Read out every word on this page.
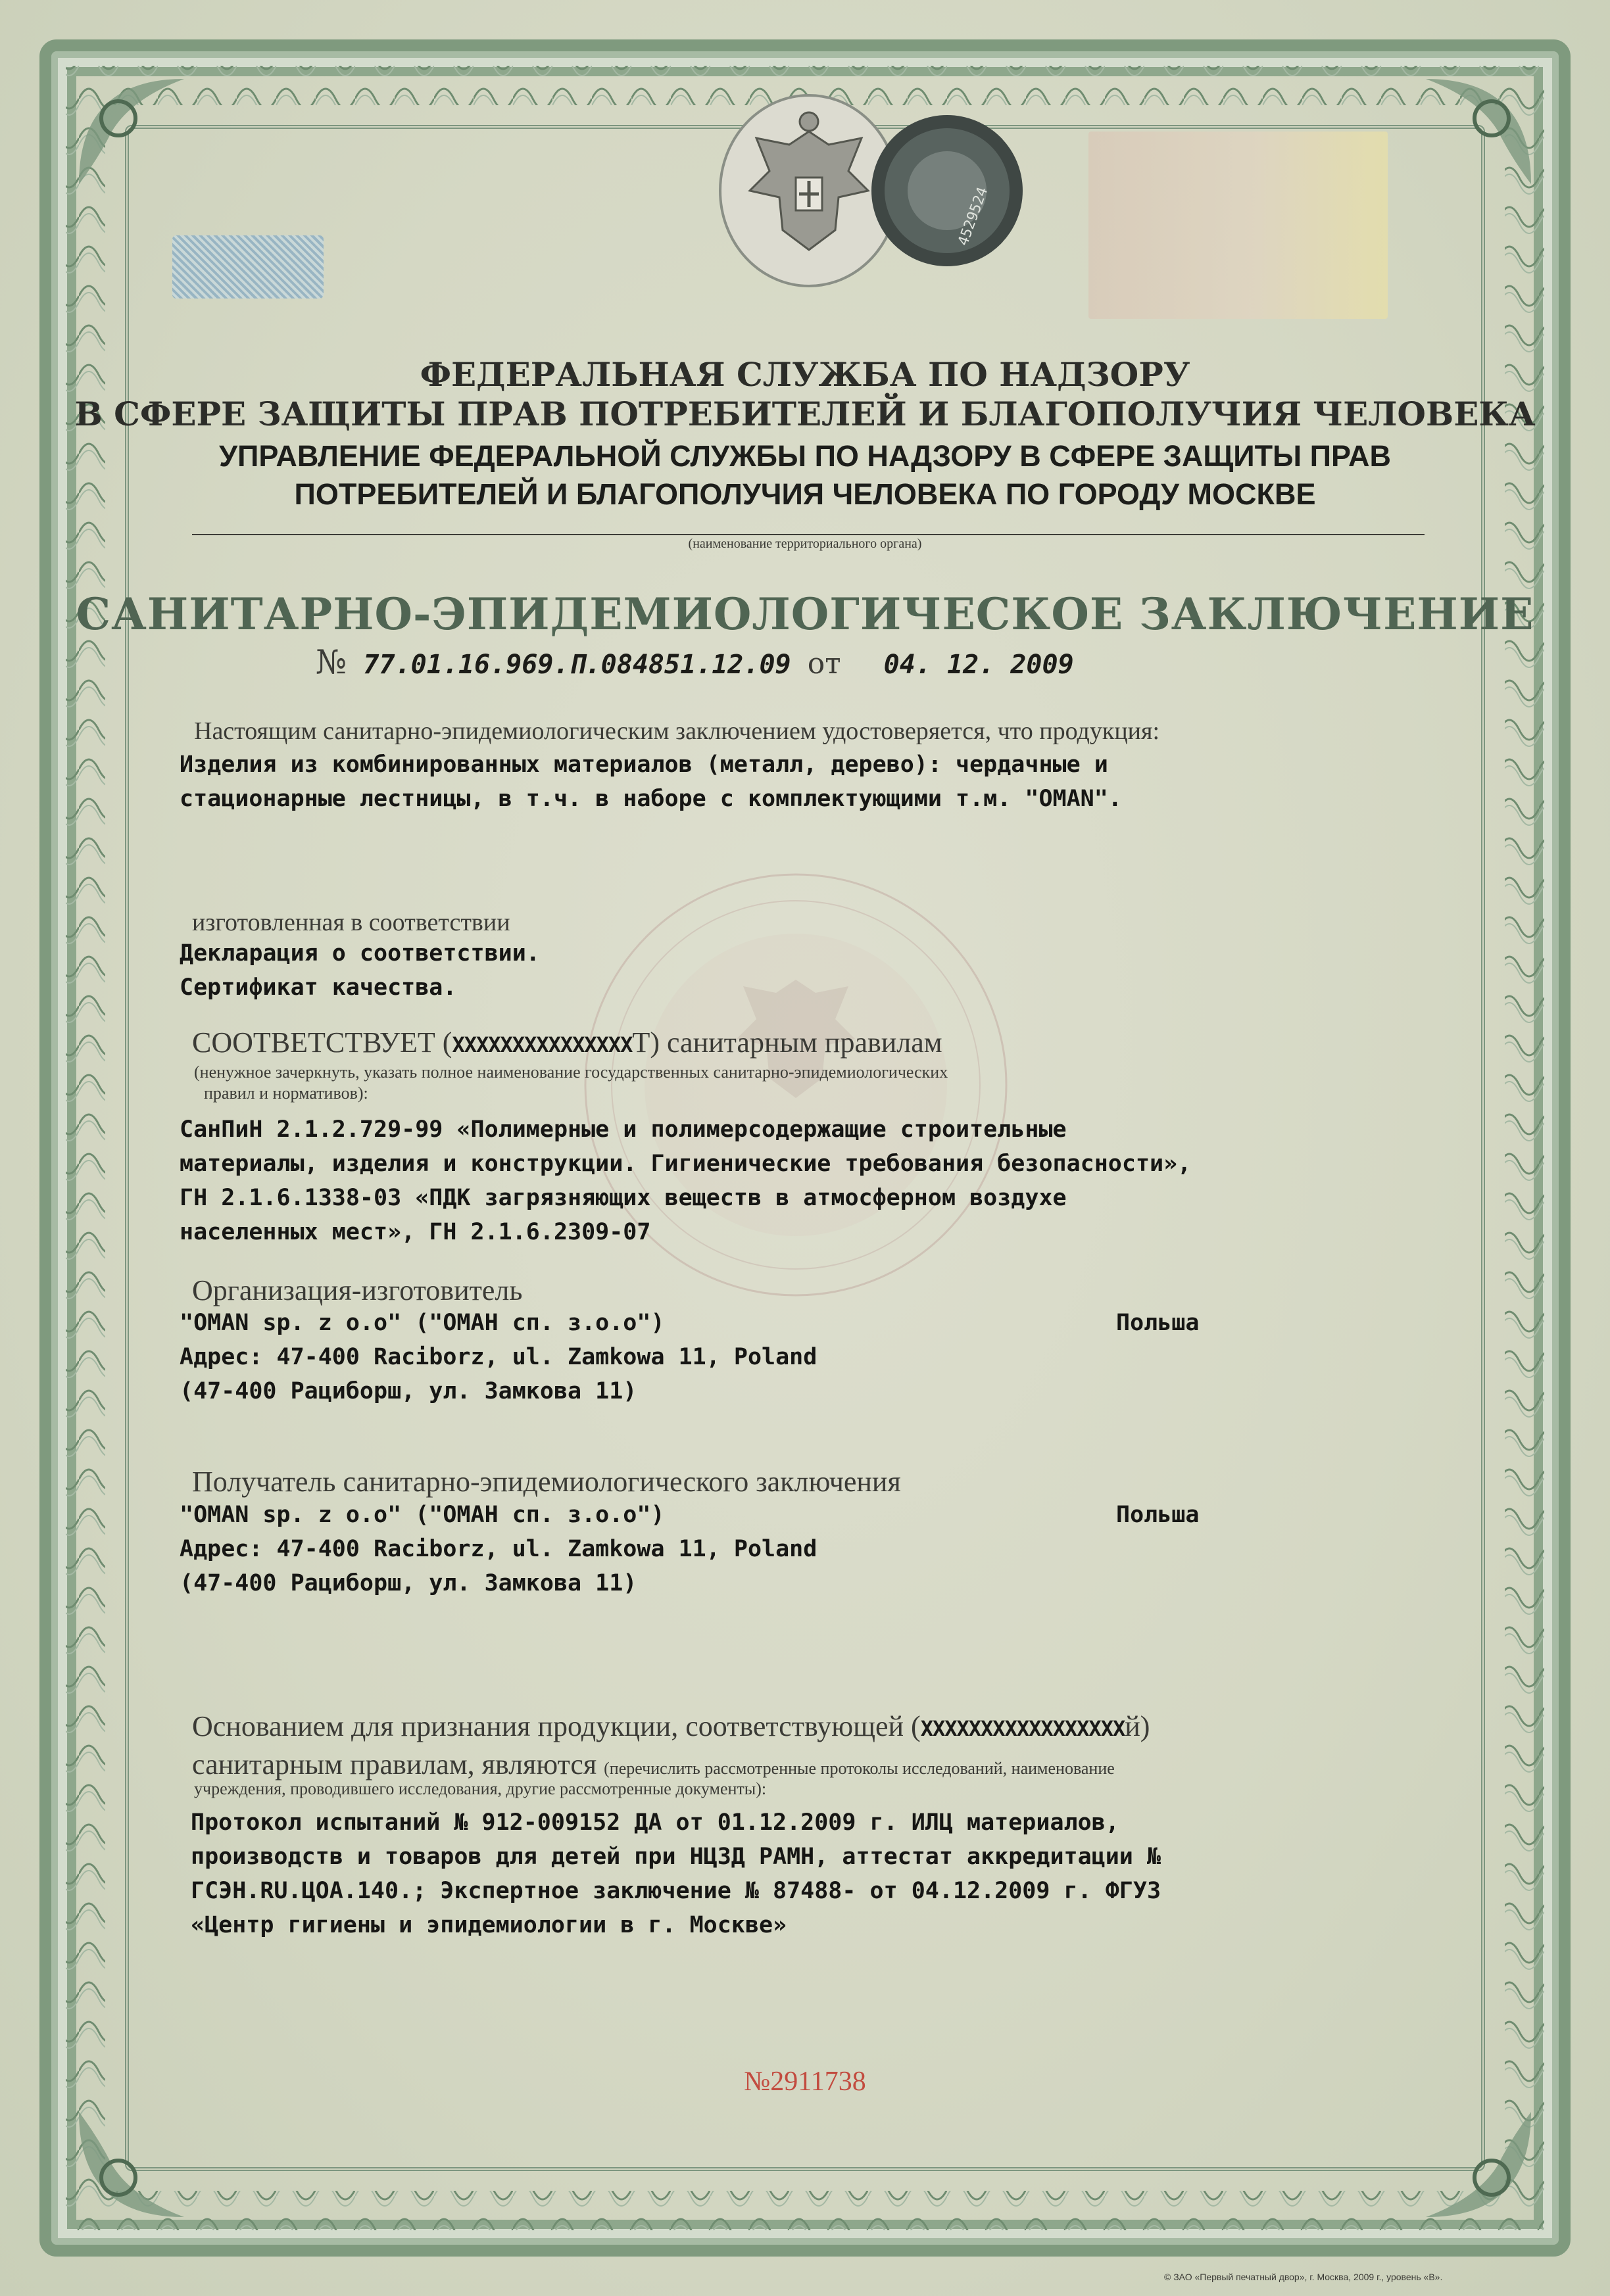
4529524
ФЕДЕРАЛЬНАЯ СЛУЖБА ПО НАДЗОРУ
В СФЕРЕ ЗАЩИТЫ ПРАВ ПОТРЕБИТЕЛЕЙ И БЛАГОПОЛУЧИЯ ЧЕЛОВЕКА
УПРАВЛЕНИЕ ФЕДЕРАЛЬНОЙ СЛУЖБЫ ПО НАДЗОРУ В СФЕРЕ ЗАЩИТЫ ПРАВ
ПОТРЕБИТЕЛЕЙ И БЛАГОПОЛУЧИЯ ЧЕЛОВЕКА ПО ГОРОДУ МОСКВЕ
(наименование территориального органа)
САНИТАРНО-ЭПИДЕМИОЛОГИЧЕСКОЕ ЗАКЛЮЧЕНИЕ
№ 77.01.16.969.П.084851.12.09 от 04. 12. 2009
Настоящим санитарно-эпидемиологическим заключением удостоверяется, что продукция:
Изделия из комбинированных материалов (металл, дерево): чердачные и
стационарные лестницы, в т.ч. в наборе с комплектующими т.м. "OMAN".
изготовленная в соответствии
Декларация о соответствии.
Сертификат качества.
СООТВЕТСТВУЕТ (XXXXXXXXXXXXXXXТ) санитарным правилам
(ненужное зачеркнуть, указать полное наименование государственных санитарно-эпидемиологических
правил и нормативов):
СанПиН 2.1.2.729-99 «Полимерные и полимерсодержащие строительные
материалы, изделия и конструкции. Гигиенические требования безопасности»,
ГН 2.1.6.1338-03 «ПДК загрязняющих веществ в атмосферном воздухе
населенных мест», ГН 2.1.6.2309-07
Организация-изготовитель
"OMAN sp. z o.o" ("ОМАН сп. з.о.о")	Польша
Адрес: 47-400 Raciborz, ul. Zamkowa 11, Poland
(47-400 Рациборш, ул. Замкова 11)
Получатель санитарно-эпидемиологического заключения
"OMAN sp. z o.o" ("ОМАН сп. з.о.о")	Польша
Адрес: 47-400 Raciborz, ul. Zamkowa 11, Poland
(47-400 Рациборш, ул. Замкова 11)
Основанием для признания продукции, соответствующей (XXXXXXXXXXXXXXXXXй)
санитарным правилам, являются (перечислить рассмотренные протоколы исследований, наименование
учреждения, проводившего исследования, другие рассмотренные документы):
Протокол испытаний № 912-009152 ДА от 01.12.2009 г. ИЛЦ материалов,
производств и товаров для детей при НЦЗД РАМН, аттестат аккредитации №
ГСЭН.RU.ЦОА.140.; Экспертное заключение № 87488- от 04.12.2009 г. ФГУЗ
«Центр гигиены и эпидемиологии в г. Москве»
№2911738
© ЗАО «Первый печатный двор», г. Москва, 2009 г., уровень «В».
